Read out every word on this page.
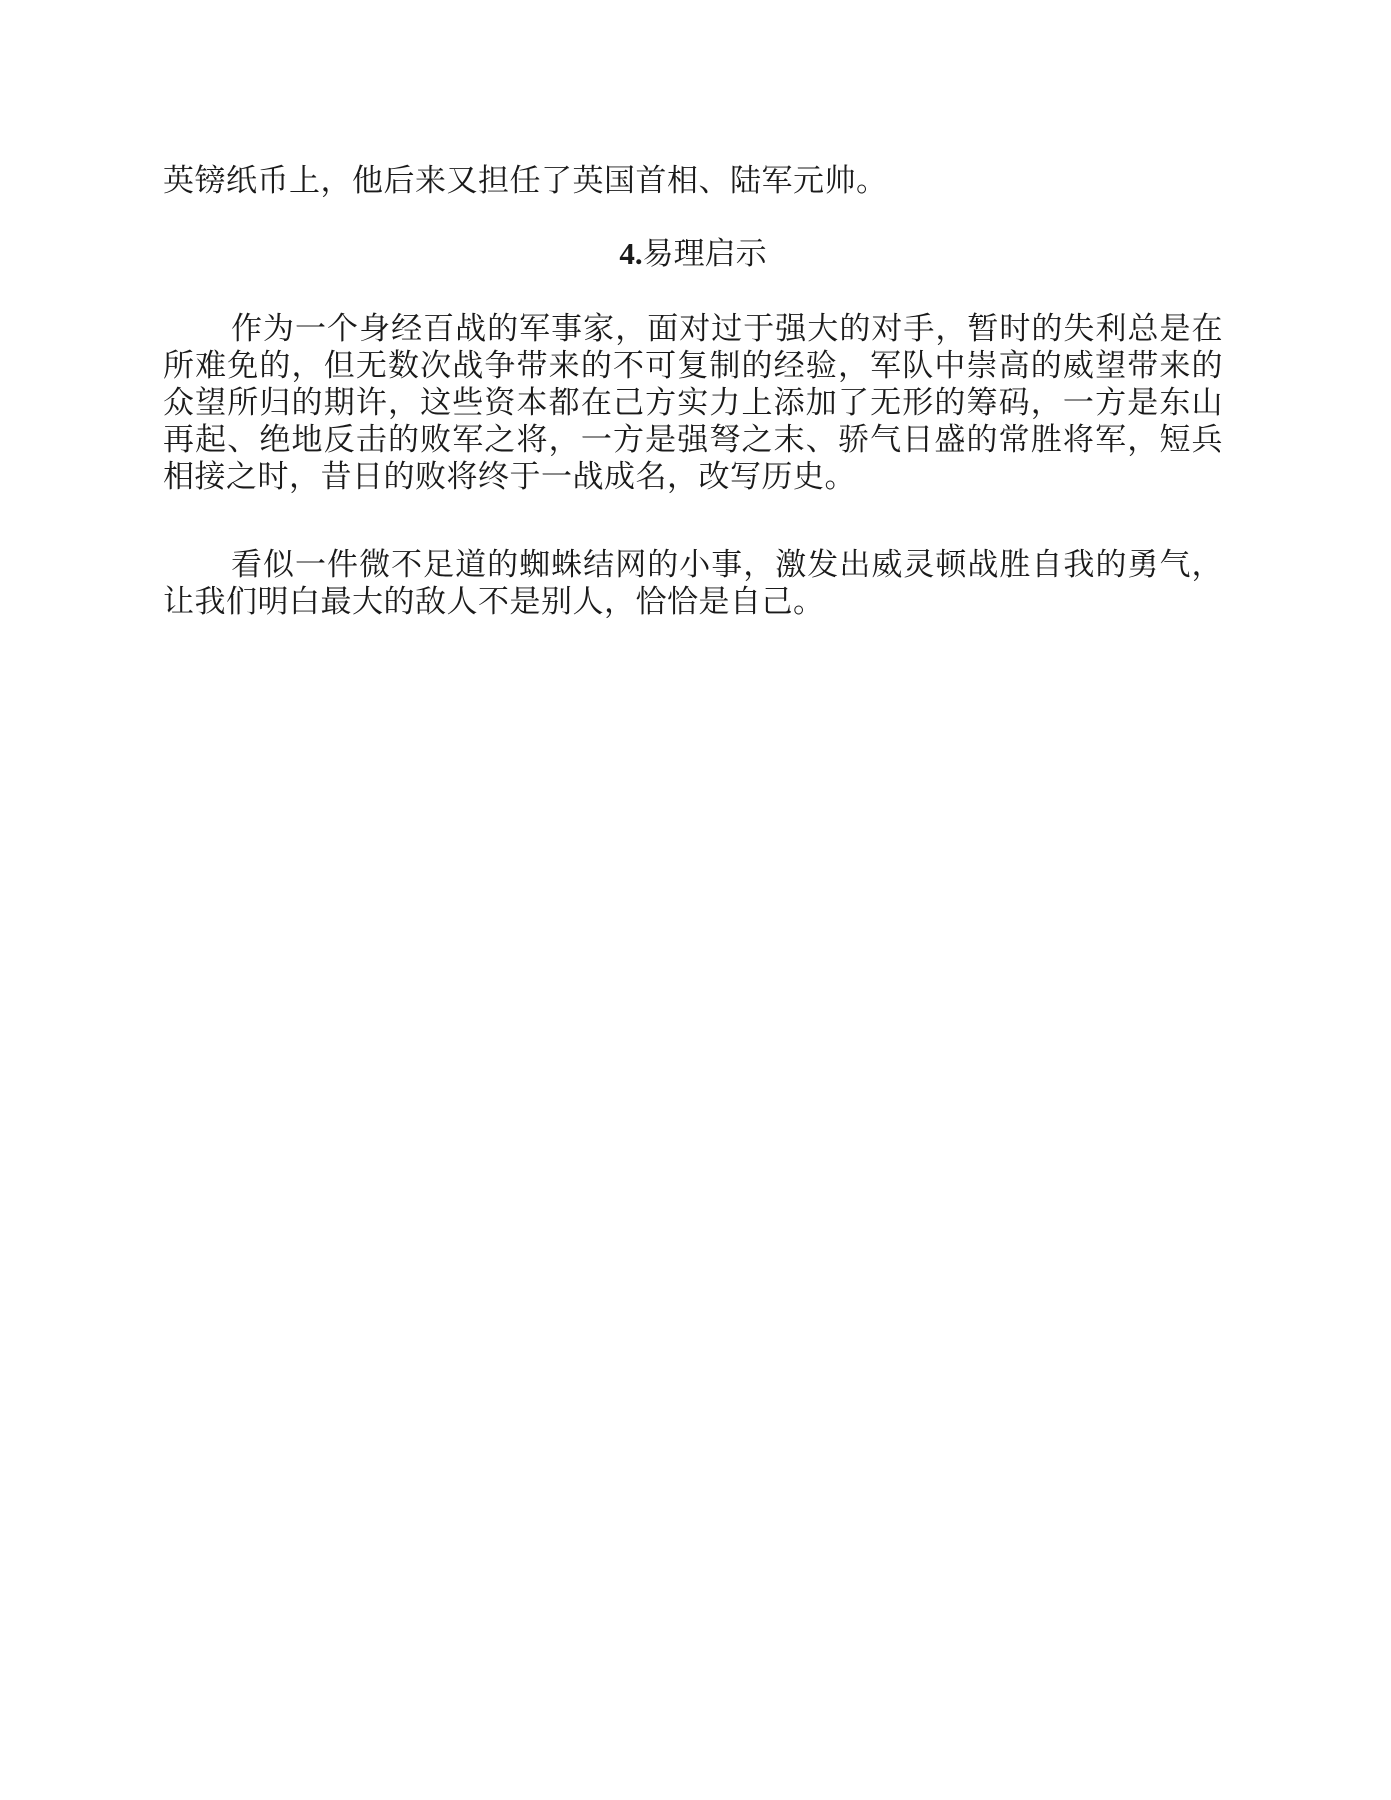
英镑纸币上，他后来又担任了英国首相、陆军元帅。

4.易理启示

作为一个身经百战的军事家，面对过于强大的对手，暂时的失利总是在所难免的，但无数次战争带来的不可复制的经验，军队中崇高的威望带来的众望所归的期许，这些资本都在己方实力上添加了无形的筹码，一方是东山再起、绝地反击的败军之将，一方是强弩之末、骄气日盛的常胜将军，短兵相接之时，昔日的败将终于一战成名，改写历史。

看似一件微不足道的蜘蛛结网的小事，激发出威灵顿战胜自我的勇气，让我们明白最大的敌人不是别人，恰恰是自己。
